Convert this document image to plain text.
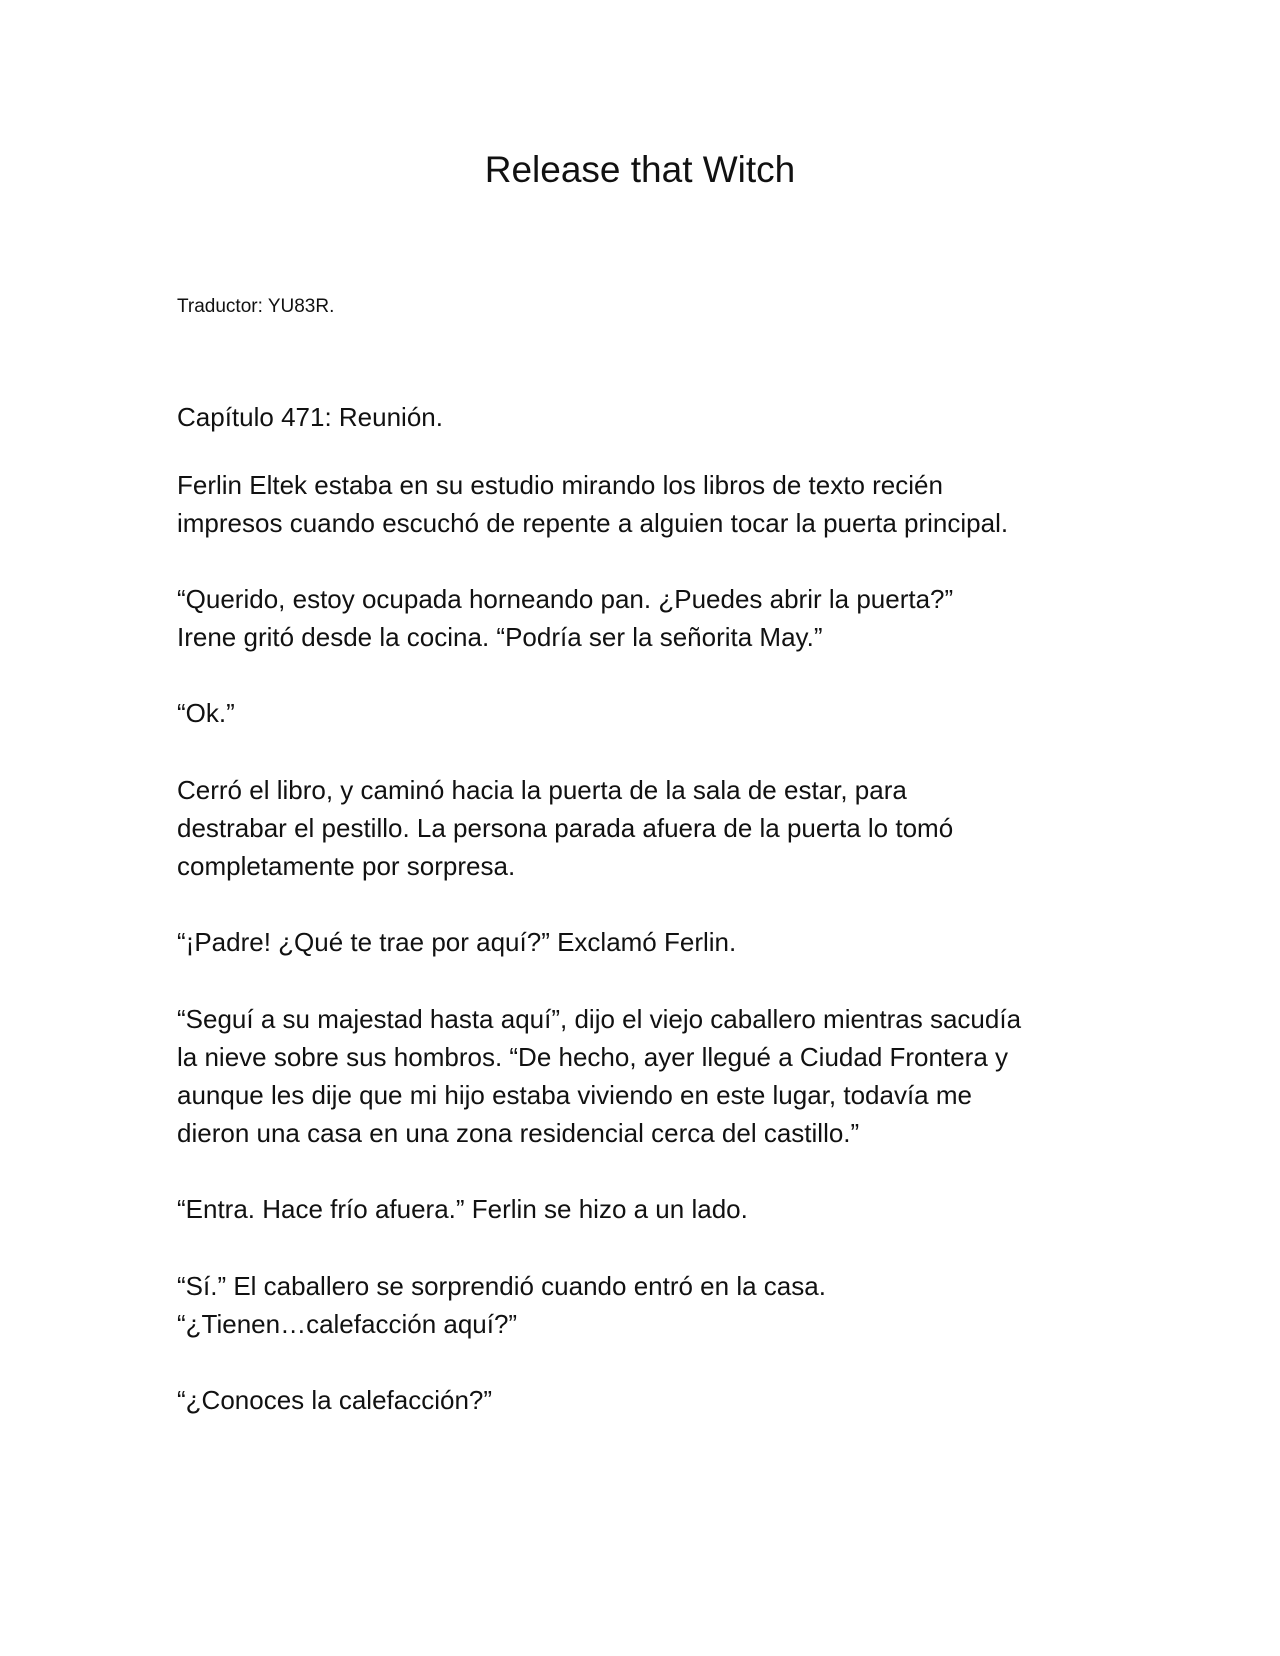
Release that Witch

Traductor: YU83R.

Capítulo 471: Reunión.

Ferlin Eltek estaba en su estudio mirando los libros de texto recién
impresos cuando escuchó de repente a alguien tocar la puerta principal.

“Querido, estoy ocupada horneando pan. ¿Puedes abrir la puerta?”
Irene gritó desde la cocina. “Podría ser la señorita May.”

“Ok.”

Cerró el libro, y caminó hacia la puerta de la sala de estar, para
destrabar el pestillo. La persona parada afuera de la puerta lo tomó
completamente por sorpresa.

“¡Padre! ¿Qué te trae por aquí?” Exclamó Ferlin.

“Seguí a su majestad hasta aquí”, dijo el viejo caballero mientras sacudía
la nieve sobre sus hombros. “De hecho, ayer llegué a Ciudad Frontera y
aunque les dije que mi hijo estaba viviendo en este lugar, todavía me
dieron una casa en una zona residencial cerca del castillo.”

“Entra. Hace frío afuera.” Ferlin se hizo a un lado.

“Sí.” El caballero se sorprendió cuando entró en la casa.
“¿Tienen…calefacción aquí?”

“¿Conoces la calefacción?”
